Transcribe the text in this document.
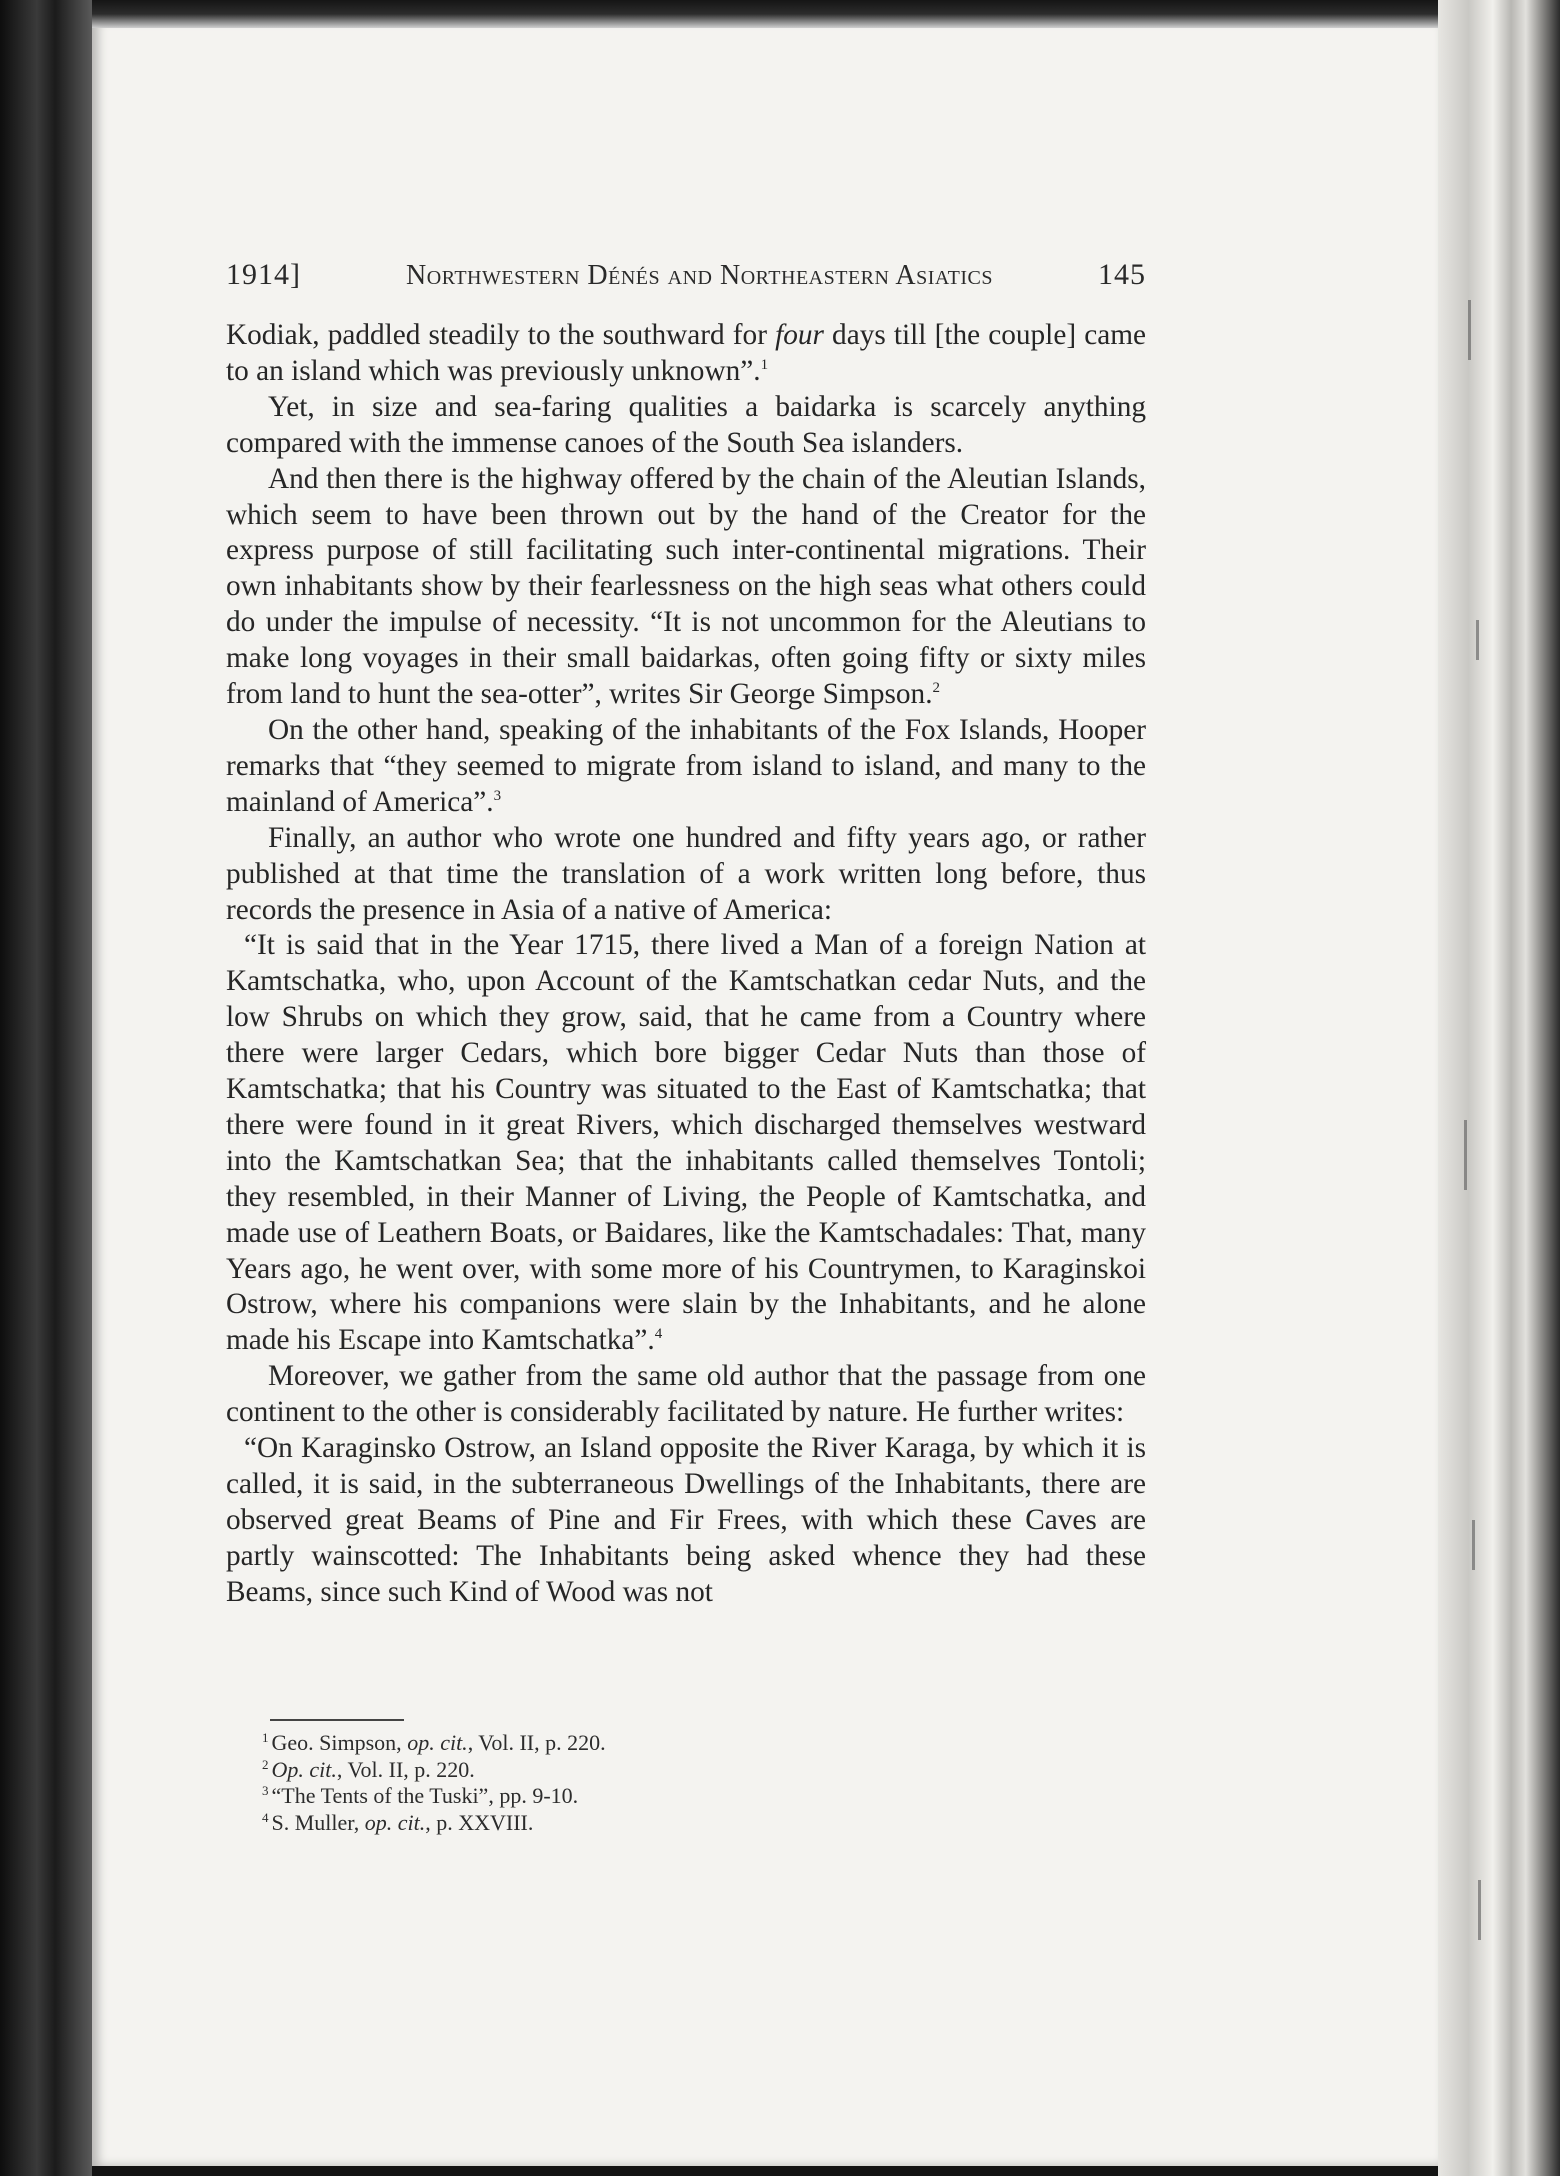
1914]	Northwestern Dénés and Northeastern Asiatics	145

Kodiak, paddled steadily to the southward for four days till [the couple] came to an island which was previously unknown”.$^1$

Yet, in size and sea-faring qualities a baidarka is scarcely anything compared with the immense canoes of the South Sea islanders.

And then there is the highway offered by the chain of the Aleutian Islands, which seem to have been thrown out by the hand of the Creator for the express purpose of still facilitating such inter-continental migrations. Their own inhabitants show by their fearlessness on the high seas what others could do under the impulse of necessity. “It is not uncommon for the Aleutians to make long voyages in their small baidarkas, often going fifty or sixty miles from land to hunt the sea-otter”, writes Sir George Simpson.$^2$

On the other hand, speaking of the inhabitants of the Fox Islands, Hooper remarks that “they seemed to migrate from island to island, and many to the mainland of America”.$^3$

Finally, an author who wrote one hundred and fifty years ago, or rather published at that time the translation of a work written long before, thus records the presence in Asia of a native of America:

“It is said that in the Year 1715, there lived a Man of a foreign Nation at Kamtschatka, who, upon Account of the Kamtschatkan cedar Nuts, and the low Shrubs on which they grow, said, that he came from a Country where there were larger Cedars, which bore bigger Cedar Nuts than those of Kamtschatka; that his Country was situated to the East of Kamtschatka; that there were found in it great Rivers, which discharged themselves westward into the Kamtschatkan Sea; that the inhabitants called themselves Tontoli; they resembled, in their Manner of Living, the People of Kamtschatka, and made use of Leathern Boats, or Baidares, like the Kamtschadales: That, many Years ago, he went over, with some more of his Countrymen, to Karaginskoi Ostrow, where his companions were slain by the Inhabitants, and he alone made his Escape into Kamtschatka”.$^4$

Moreover, we gather from the same old author that the passage from one continent to the other is considerably facilitated by nature. He further writes:

“On Karaginsko Ostrow, an Island opposite the River Karaga, by which it is called, it is said, in the subterraneous Dwellings of the Inhabitants, there are observed great Beams of Pine and Fir Frees, with which these Caves are partly wainscotted: The Inhabitants being asked whence they had these Beams, since such Kind of Wood was not

$^1$ Geo. Simpson, op. cit., Vol. II, p. 220.

$^2$ Op. cit., Vol. II, p. 220.

$^3$ “The Tents of the Tuski”, pp. 9-10.

$^4$ S. Muller, op. cit., p. XXVIII.
